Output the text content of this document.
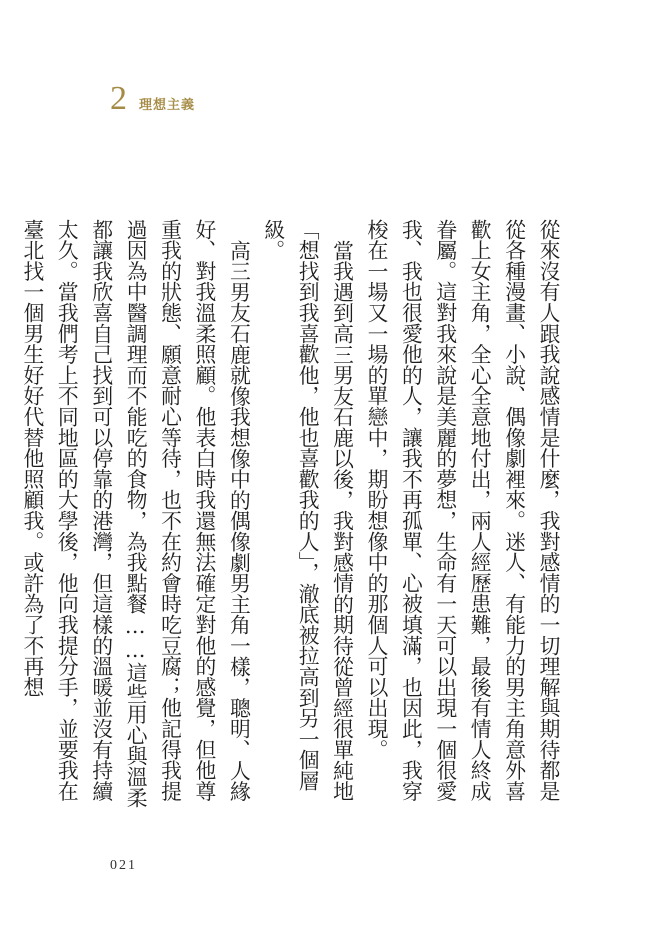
2 理想主義

從來沒有人跟我說感情是什麼，我對感情的一切理解與期待都是從各種漫畫、小說、偶像劇裡來。迷人、有能力的男主角意外喜歡上女主角，全心全意地付出，兩人經歷患難，最後有情人終成眷屬。這對我來說是美麗的夢想，生命有一天可以出現一個很愛我、我也很愛他的人，讓我不再孤單、心被填滿，也因此，我穿梭在一場又一場的單戀中，期盼想像中的那個人可以出現。

當我遇到高三男友石鹿以後，我對感情的期待從曾經很單純地「想找到我喜歡他，他也喜歡我的人」，澈底被拉高到另一個層級。

高三男友石鹿就像我想像中的偶像劇男主角一樣，聰明、人緣好、對我溫柔照顧。他表白時我還無法確定對他的感覺，但他尊重我的狀態、願意耐心等待，也不在約會時吃豆腐；他記得我提過因為中醫調理而不能吃的食物，為我點餐……這些用心與溫柔都讓我欣喜自己找到可以停靠的港灣，但這樣的溫暖並沒有持續太久。當我們考上不同地區的大學後，他向我提分手，並要我在臺北找一個男生好好代替他照顧我。或許為了不再想

021
